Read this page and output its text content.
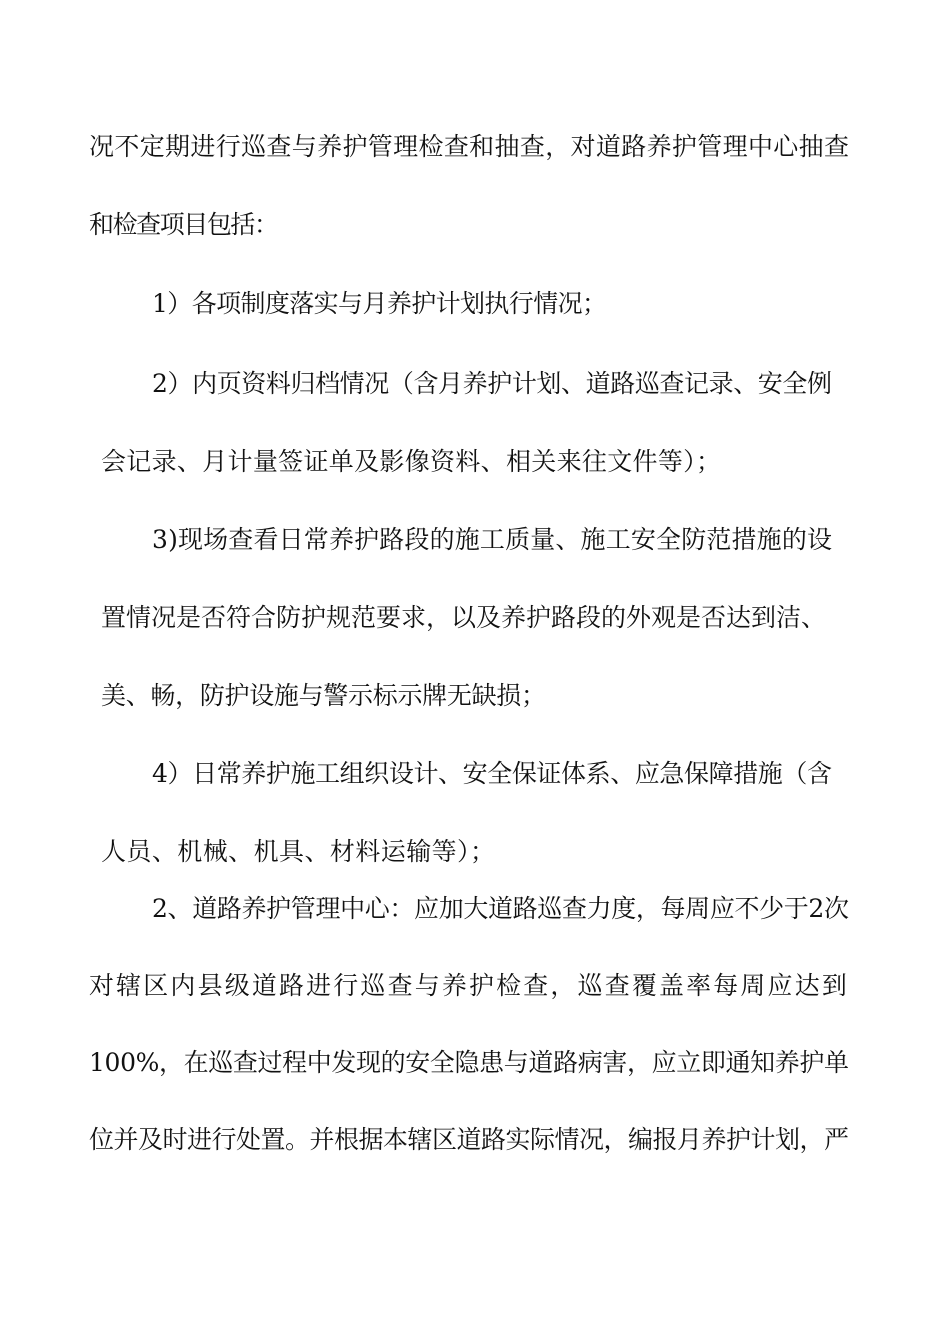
况不定期进行巡查与养护管理检查和抽查，对道路养护管理中心抽查
和检查项目包括：
1）各项制度落实与月养护计划执行情况；
2）内页资料归档情况（含月养护计划、道路巡查记录、安全例
会记录、月计量签证单及影像资料、相关来往文件等）；
3)现场查看日常养护路段的施工质量、施工安全防范措施的设
置情况是否符合防护规范要求，以及养护路段的外观是否达到洁、
美、畅，防护设施与警示标示牌无缺损；
4）日常养护施工组织设计、安全保证体系、应急保障措施（含
人员、机械、机具、材料运输等）；
2、道路养护管理中心：应加大道路巡查力度，每周应不少于2次
对辖区内县级道路进行巡查与养护检查，巡查覆盖率每周应达到
100%，在巡查过程中发现的安全隐患与道路病害，应立即通知养护单
位并及时进行处置。并根据本辖区道路实际情况，编报月养护计划，严
